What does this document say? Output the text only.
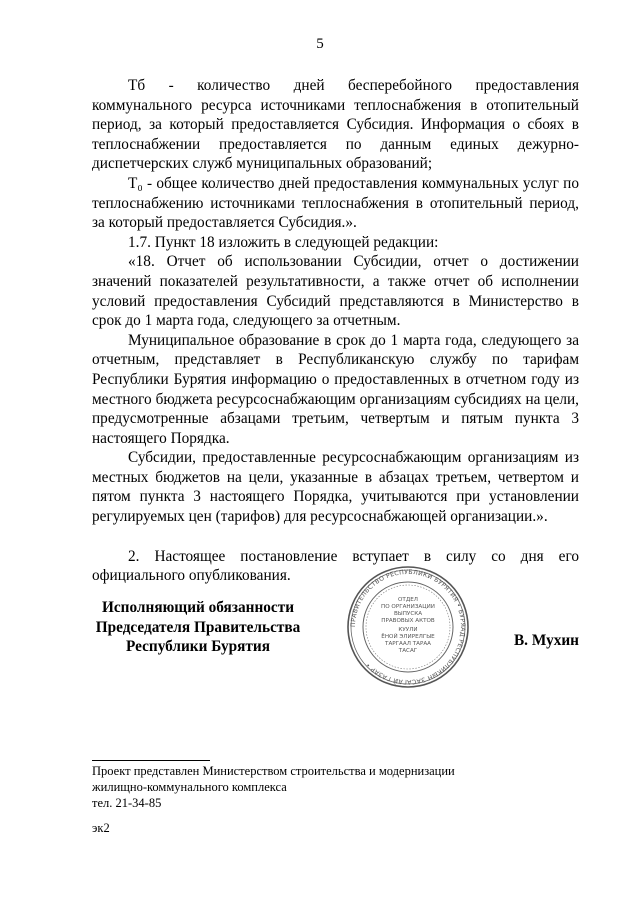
5

Тб - количество дней бесперебойного предоставления коммунального ресурса источниками теплоснабжения в отопительный период, за который предоставляется Субсидия. Информация о сбоях в теплоснабжении предоставляется по данным единых дежурно-диспетчерских служб муниципальных образований;

Т₀ - общее количество дней предоставления коммунальных услуг по теплоснабжению источниками теплоснабжения в отопительный период, за который предоставляется Субсидия.».

1.7. Пункт 18 изложить в следующей редакции:

«18. Отчет об использовании Субсидии, отчет о достижении значений показателей результативности, а также отчет об исполнении условий предоставления Субсидий представляются в Министерство в срок до 1 марта года, следующего за отчетным.

Муниципальное образование в срок до 1 марта года, следующего за отчетным, представляет в Республиканскую службу по тарифам Республики Бурятия информацию о предоставленных в отчетном году из местного бюджета ресурсоснабжающим организациям субсидиях на цели, предусмотренные абзацами третьим, четвертым и пятым пункта 3 настоящего Порядка.

Субсидии, предоставленные ресурсоснабжающим организациям из местных бюджетов на цели, указанные в абзацах третьем, четвертом и пятом пункта 3 настоящего Порядка, учитываются при установлении регулируемых цен (тарифов) для ресурсоснабжающей организации.».

2. Настоящее постановление вступает в силу со дня его официального опубликования.

Исполняющий обязанности
Председателя Правительства
Республики Бурятия
ПРАВИТЕЛЬСТВО РЕСПУБЛИКИ БУРЯТИЯ • БУРЯАД РЕСПУБЛИКЫН ЗАСАГАЙ ГАЗАР •
ОТДЕЛ
ПО ОРГАНИЗАЦИИ
ВЫПУСКА
ПРАВОВЫХ АКТОВ
КУУЛИ
ЁНОЙ ЭЛИРЕЛГЫЕ
ТАРГААЛ ТАРАА
ТАСАГ
В. Мухин
Проект представлен Министерством строительства и модернизации
жилищно-коммунального комплекса
тел. 21-34-85
эк2
